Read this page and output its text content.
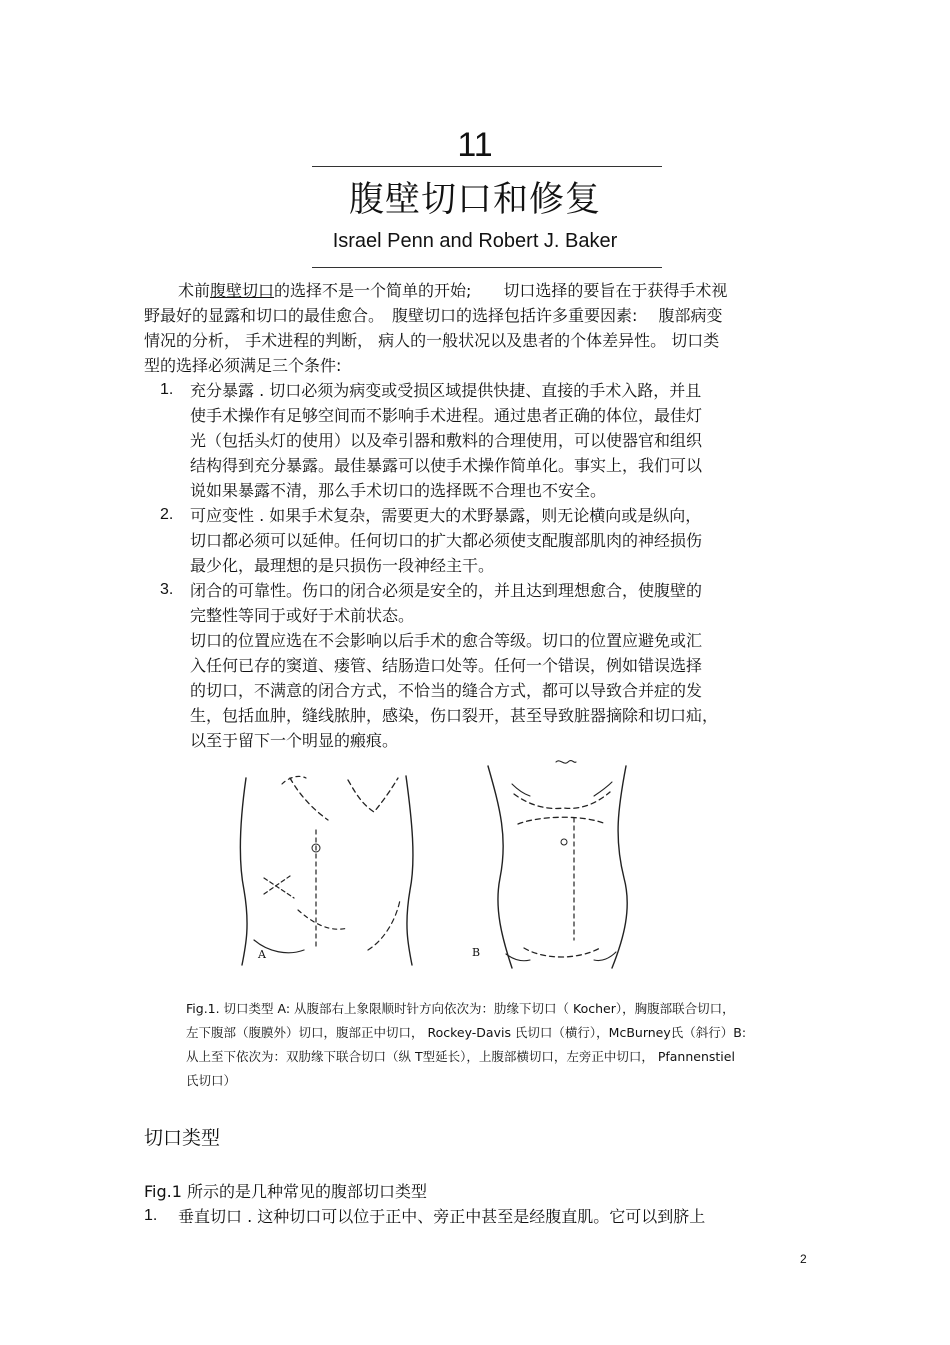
11
腹壁切口和修复
Israel Penn and Robert J. Baker
术前腹壁切口的选择不是一个简单的开始;　　切口选择的要旨在于获得手术视
野最好的显露和切口的最佳愈合。　腹壁切口的选择包括许多重要因素:　 腹部病变
情况的分析， 手术进程的判断， 病人的一般状况以及患者的个体差异性。 切口类
型的选择必须满足三个条件:
1. 充分暴露 . 切口必须为病变或受损区域提供快捷、直接的手术入路，并且
使手术操作有足够空间而不影响手术进程。通过患者正确的体位，最佳灯
光（包括头灯的使用）以及牵引器和敷料的合理使用，可以使器官和组织
结构得到充分暴露。最佳暴露可以使手术操作简单化。事实上，我们可以
说如果暴露不清，那么手术切口的选择既不合理也不安全。
2. 可应变性 . 如果手术复杂，需要更大的术野暴露，则无论横向或是纵向，
切口都必须可以延伸。任何切口的扩大都必须使支配腹部肌肉的神经损伤
最少化，最理想的是只损伤一段神经主干。
3. 闭合的可靠性。伤口的闭合必须是安全的，并且达到理想愈合，使腹壁的
完整性等同于或好于术前状态。
切口的位置应选在不会影响以后手术的愈合等级。切口的位置应避免或汇
入任何已存的窦道、瘘管、结肠造口处等。任何一个错误，例如错误选择
的切口，不满意的闭合方式，不恰当的缝合方式，都可以导致合并症的发
生，包括血肿，缝线脓肿，感染，伤口裂开，甚至导致脏器摘除和切口疝，
以至于留下一个明显的瘢痕。
A	B
Fig.1. 切口类型 A: 从腹部右上象限顺时针方向依次为：肋缘下切口（ Kocher），胸腹部联合切口，
左下腹部（腹膜外）切口，腹部正中切口， Rockey-Davis 氏切口（横行），McBurney氏（斜行）B:
从上至下依次为：双肋缘下联合切口（纵 T型延长），上腹部横切口，左旁正中切口， Pfannenstiel
氏切口）
切口类型
Fig.1 所示的是几种常见的腹部切口类型
1. 垂直切口 . 这种切口可以位于正中、旁正中甚至是经腹直肌。它可以到脐上
2
